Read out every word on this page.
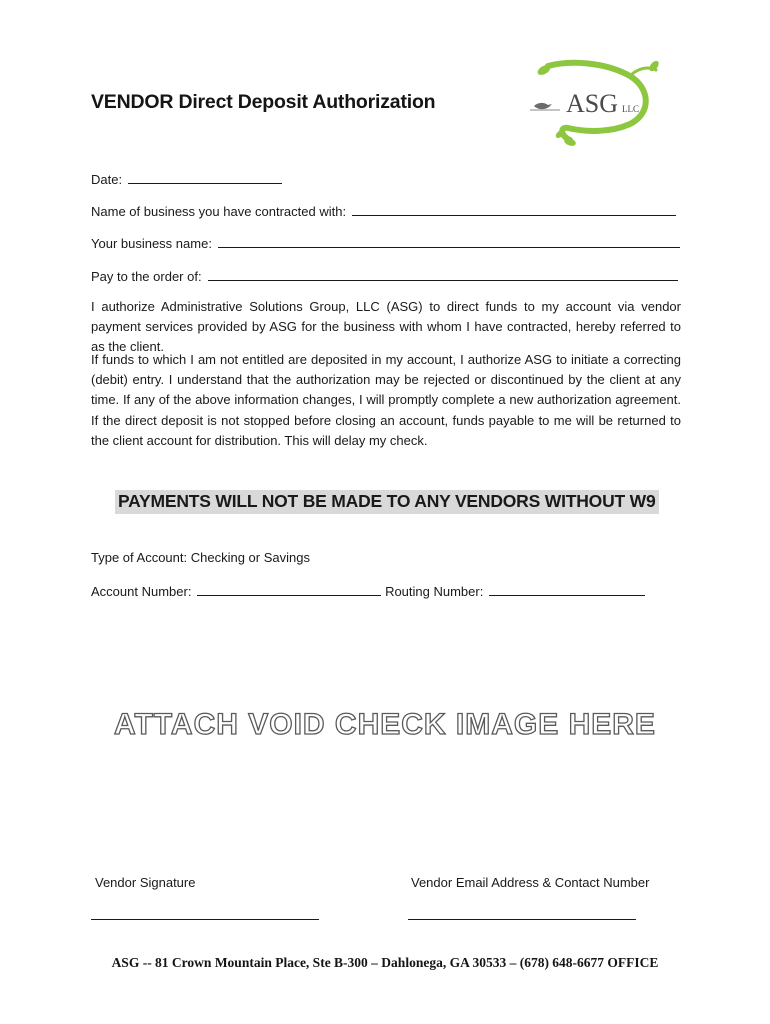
VENDOR Direct Deposit Authorization	ASG LLC
Date:
Name of business you have contracted with:
Your business name:
Pay to the order of:
I authorize Administrative Solutions Group, LLC (ASG) to direct funds to my account via vendor payment services provided by ASG for the business with whom I have contracted, hereby referred to as the client.
If funds to which I am not entitled are deposited in my account, I authorize ASG to initiate a correcting (debit) entry. I understand that the authorization may be rejected or discontinued by the client at any time. If any of the above information changes, I will promptly complete a new authorization agreement. If the direct deposit is not stopped before closing an account, funds payable to me will be returned to the client account for distribution. This will delay my check.
PAYMENTS WILL NOT BE MADE TO ANY VENDORS WITHOUT W9
Type of Account: Checking or Savings
Account Number:	Routing Number:
ATTACH VOID CHECK IMAGE HERE
Vendor Signature	Vendor Email Address & Contact Number
ASG -- 81 Crown Mountain Place, Ste B-300 – Dahlonega, GA 30533 – (678) 648-6677 OFFICE
